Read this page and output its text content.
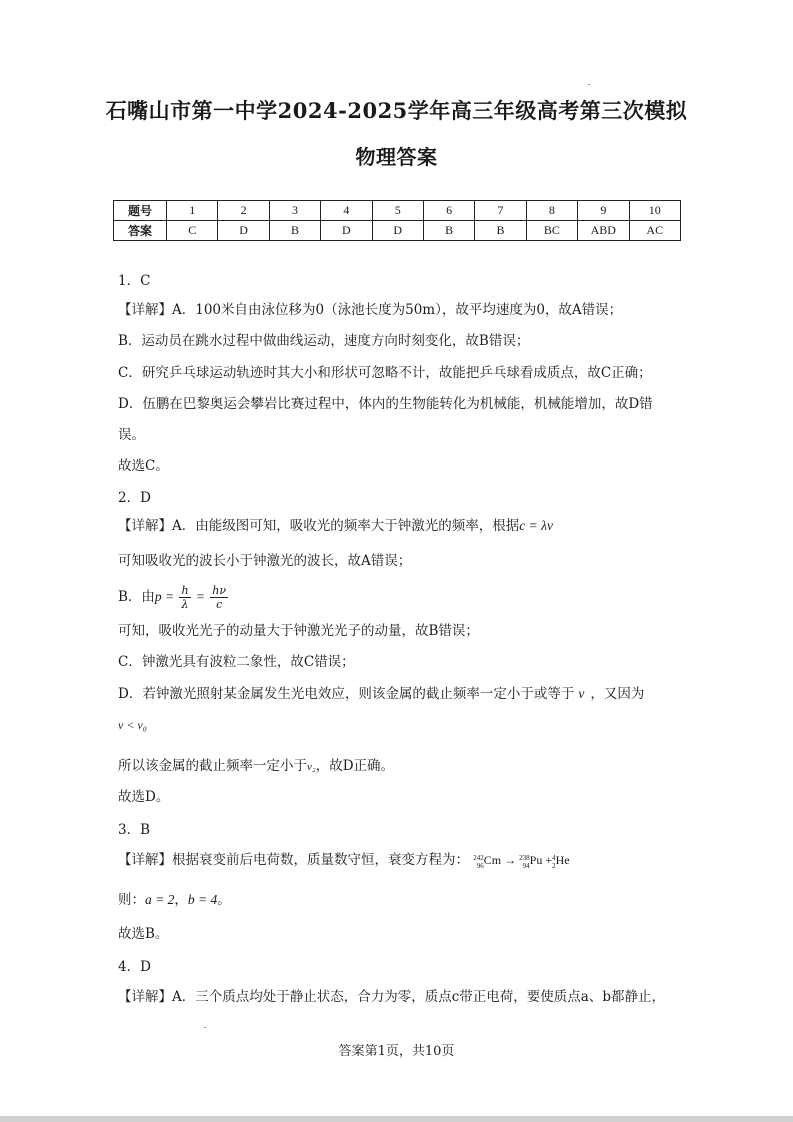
石嘴山市第一中学2024-2025学年高三年级高考第三次模拟
物理答案
题号	1	2	3	4	5	6	7	8	9	10
答案	C	D	B	D	D	B	B	BC	ABD	AC
1．C
【详解】A．100米自由泳位移为0（泳池长度为50m），故平均速度为0，故A错误；
B．运动员在跳水过程中做曲线运动，速度方向时刻变化，故B错误；
C．研究乒乓球运动轨迹时其大小和形状可忽略不计，故能把乒乓球看成质点，故C正确；
D．伍鹏在巴黎奥运会攀岩比赛过程中，体内的生物能转化为机械能，机械能增加，故D错
误。
故选C。
2．D
【详解】A．由能级图可知，吸收光的频率大于钟激光的频率，根据c = λν
可知吸收光的波长小于钟激光的波长，故A错误；
B．由$p = \frac{h}{\lambda} = \frac{h\nu}{c}$
可知，吸收光光子的动量大于钟激光光子的动量，故B错误；
C．钟激光具有波粒二象性，故C错误；
D．若钟激光照射某金属发生光电效应，则该金属的截止频率一定小于或等于 ν ，又因为
ν < ν₀
所以该金属的截止频率一定小于ν₂，故D正确。
故选D。
3．B
【详解】根据衰变前后电荷数，质量数守恒，衰变方程为： 242
96Cm → 238
94Pu +4
2He
则：a = 2，b = 4。
故选B。
4．D
【详解】A．三个质点均处于静止状态，合力为零，质点c带正电荷，要使质点a、b都静止，
答案第1页，共10页
